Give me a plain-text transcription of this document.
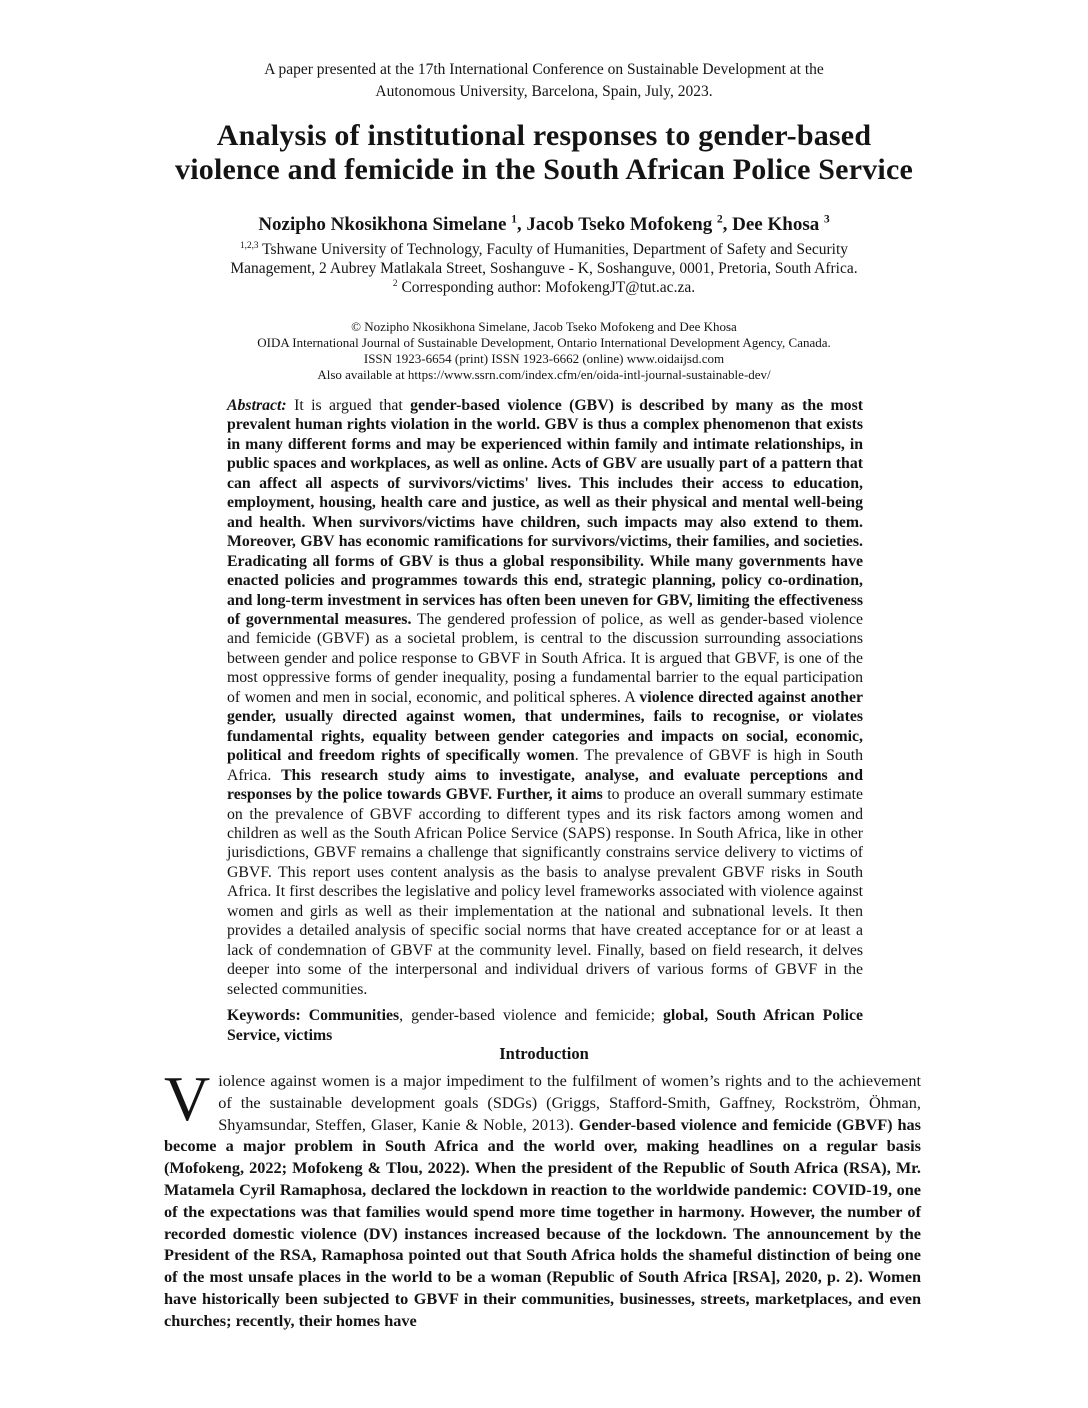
A paper presented at the 17th International Conference on Sustainable Development at the
Autonomous University, Barcelona, Spain, July, 2023.
Analysis of institutional responses to gender-based
violence and femicide in the South African Police Service
Nozipho Nkosikhona Simelane $^1$, Jacob Tseko Mofokeng $^2$, Dee Khosa $^3$
$^{1,2,3}$ Tshwane University of Technology, Faculty of Humanities, Department of Safety and Security
Management, 2 Aubrey Matlakala Street, Soshanguve - K, Soshanguve, 0001, Pretoria, South Africa.
$^2$ Corresponding author: MofokengJT@tut.ac.za.
© Nozipho Nkosikhona Simelane, Jacob Tseko Mofokeng and Dee Khosa
OIDA International Journal of Sustainable Development, Ontario International Development Agency, Canada.
ISSN 1923-6654 (print) ISSN 1923-6662 (online) www.oidaijsd.com
Also available at https://www.ssrn.com/index.cfm/en/oida-intl-journal-sustainable-dev/

Abstract: It is argued that gender-based violence (GBV) is described by many as the most prevalent human rights violation in the world. GBV is thus a complex phenomenon that exists in many different forms and may be experienced within family and intimate relationships, in public spaces and workplaces, as well as online. Acts of GBV are usually part of a pattern that can affect all aspects of survivors/victims' lives. This includes their access to education, employment, housing, health care and justice, as well as their physical and mental well-being and health. When survivors/victims have children, such impacts may also extend to them. Moreover, GBV has economic ramifications for survivors/victims, their families, and societies. Eradicating all forms of GBV is thus a global responsibility. While many governments have enacted policies and programmes towards this end, strategic planning, policy co-ordination, and long-term investment in services has often been uneven for GBV, limiting the effectiveness of governmental measures. The gendered profession of police, as well as gender-based violence and femicide (GBVF) as a societal problem, is central to the discussion surrounding associations between gender and police response to GBVF in South Africa. It is argued that GBVF, is one of the most oppressive forms of gender inequality, posing a fundamental barrier to the equal participation of women and men in social, economic, and political spheres. A violence directed against another gender, usually directed against women, that undermines, fails to recognise, or violates fundamental rights, equality between gender categories and impacts on social, economic, political and freedom rights of specifically women. The prevalence of GBVF is high in South Africa. This research study aims to investigate, analyse, and evaluate perceptions and responses by the police towards GBVF. Further, it aims to produce an overall summary estimate on the prevalence of GBVF according to different types and its risk factors among women and children as well as the South African Police Service (SAPS) response. In South Africa, like in other jurisdictions, GBVF remains a challenge that significantly constrains service delivery to victims of GBVF. This report uses content analysis as the basis to analyse prevalent GBVF risks in South Africa. It first describes the legislative and policy level frameworks associated with violence against women and girls as well as their implementation at the national and subnational levels. It then provides a detailed analysis of specific social norms that have created acceptance for or at least a lack of condemnation of GBVF at the community level. Finally, based on field research, it delves deeper into some of the interpersonal and individual drivers of various forms of GBVF in the selected communities.

Keywords: Communities, gender-based violence and femicide; global, South African Police Service, victims

Introduction

Violence against women is a major impediment to the fulfilment of women’s rights and to the achievement of the sustainable development goals (SDGs) (Griggs, Stafford-Smith, Gaffney, Rockström, Öhman, Shyamsundar, Steffen, Glaser, Kanie & Noble, 2013). Gender-based violence and femicide (GBVF) has become a major problem in South Africa and the world over, making headlines on a regular basis (Mofokeng, 2022; Mofokeng & Tlou, 2022). When the president of the Republic of South Africa (RSA), Mr. Matamela Cyril Ramaphosa, declared the lockdown in reaction to the worldwide pandemic: COVID-19, one of the expectations was that families would spend more time together in harmony. However, the number of recorded domestic violence (DV) instances increased because of the lockdown. The announcement by the President of the RSA, Ramaphosa pointed out that South Africa holds the shameful distinction of being one of the most unsafe places in the world to be a woman (Republic of South Africa [RSA], 2020, p. 2). Women have historically been subjected to GBVF in their communities, businesses, streets, marketplaces, and even churches; recently, their homes have
